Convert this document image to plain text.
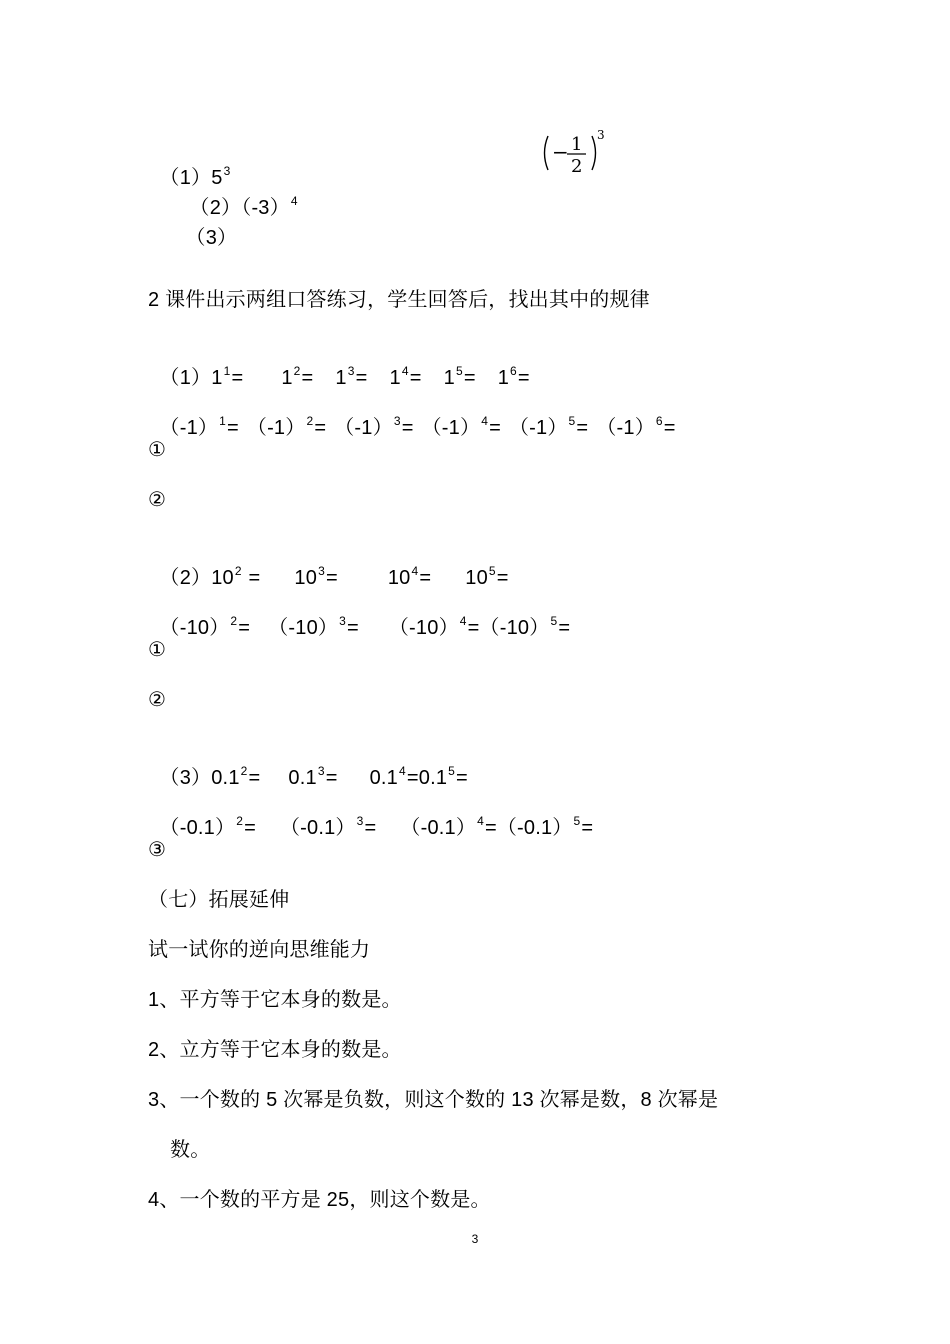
$(1)5^3$
$(2)(-3)^4$
（3）

− 1
2
3
2 课件出示两组口答练习，学生回答后，找出其中的规律

$(1)1^1= 1^2= 1^3= 1^4= 1^5= 1^6=$

$(-1)^1= (-1)^2= (-1)^3= (-1)^4= (-1)^5= (-1)^6=$

①
②

$(2)10^2 = 10^3=$	$10^4= 10^5=$

$(-10)^2= (-10)^3= (-10)^4=(-10)^5=$

①
②

$(3)0.1^2= 0.1^3= 0.1^4=0.1^5=$

$(-0.1)^2= (-0.1)^3= (-0.1)^4=(-0.1)^5=$

③
（七）拓展延伸
试一试你的逆向思维能力
1、平方等于它本身的数是。
2、立方等于它本身的数是。
3、一个数的 5 次幂是负数，则这个数的 13 次幂是数，8 次幂是
数。
4、一个数的平方是 25，则这个数是。
3
